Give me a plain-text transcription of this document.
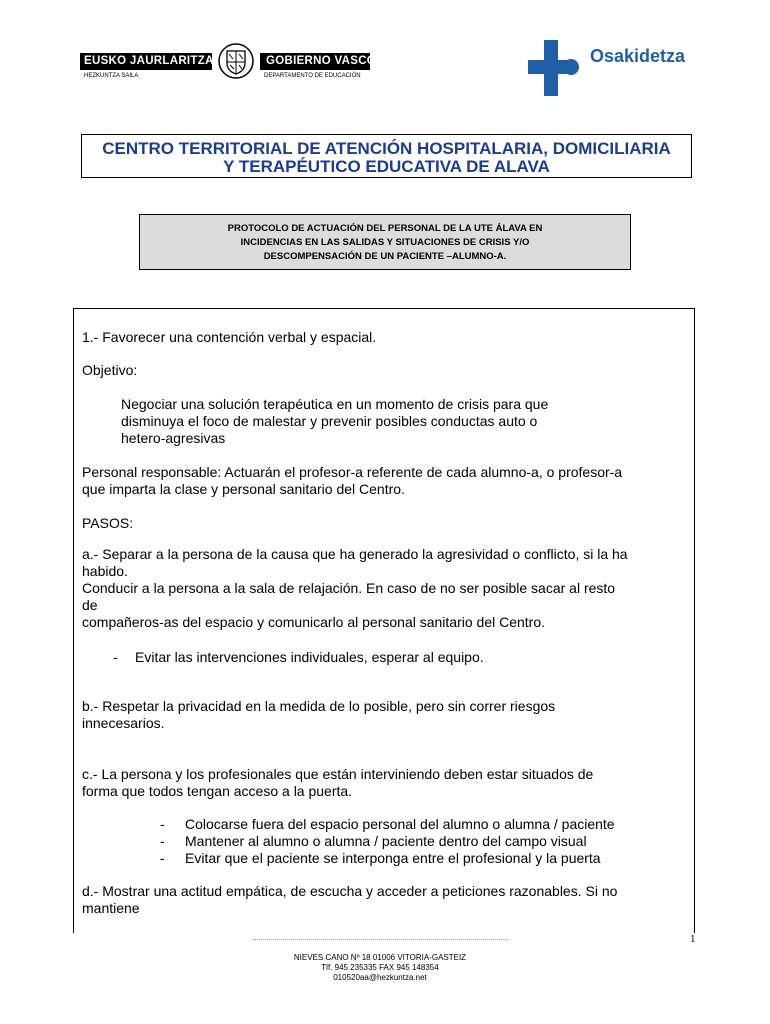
EUSKO JAURLARITZA	GOBIERNO VASCO
HEZKUNTZA SAILA	DEPARTAMENTO DE EDUCACIÓN
Osakidetza
CENTRO TERRITORIAL DE ATENCIÓN HOSPITALARIA, DOMICILIARIA
Y TERAPÉUTICO EDUCATIVA DE ALAVA
PROTOCOLO DE ACTUACIÓN DEL PERSONAL DE LA UTE ÁLAVA EN
INCIDENCIAS EN LAS SALIDAS Y SITUACIONES DE CRISIS Y/O
DESCOMPENSACIÓN DE UN PACIENTE –ALUMNO-A.
1.- Favorecer una contención verbal y espacial.
Objetivo:
Negociar una solución terapéutica en un momento de crisis para que
disminuya el foco de malestar y prevenir posibles conductas auto o
hetero-agresivas
Personal responsable: Actuarán el profesor-a referente de cada alumno-a, o profesor-a
que imparta la clase y personal sanitario del Centro.
PASOS:
a.- Separar a la persona de la causa que ha generado la agresividad o conflicto, si la ha
habido.
Conducir a la persona a la sala de relajación. En caso de no ser posible sacar al resto
de
compañeros-as del espacio y comunicarlo al personal sanitario del Centro.
- Evitar las intervenciones individuales, esperar al equipo.
b.- Respetar la privacidad en la medida de lo posible, pero sin correr riesgos
innecesarios.
c.- La persona y los profesionales que están interviniendo deben estar situados de
forma que todos tengan acceso a la puerta.
- Colocarse fuera del espacio personal del alumno o alumna / paciente
- Mantener al alumno o alumna / paciente dentro del campo visual
- Evitar que el paciente se interponga entre el profesional y la puerta
d.- Mostrar una actitud empática, de escucha y acceder a peticiones razonables. Si no
mantiene
1
NIEVES CANO Nº 18 01006 VITORIA-GASTEIZ
Tlf. 945 235335 FAX 945 148354
010520aa@hezkuntza.net
